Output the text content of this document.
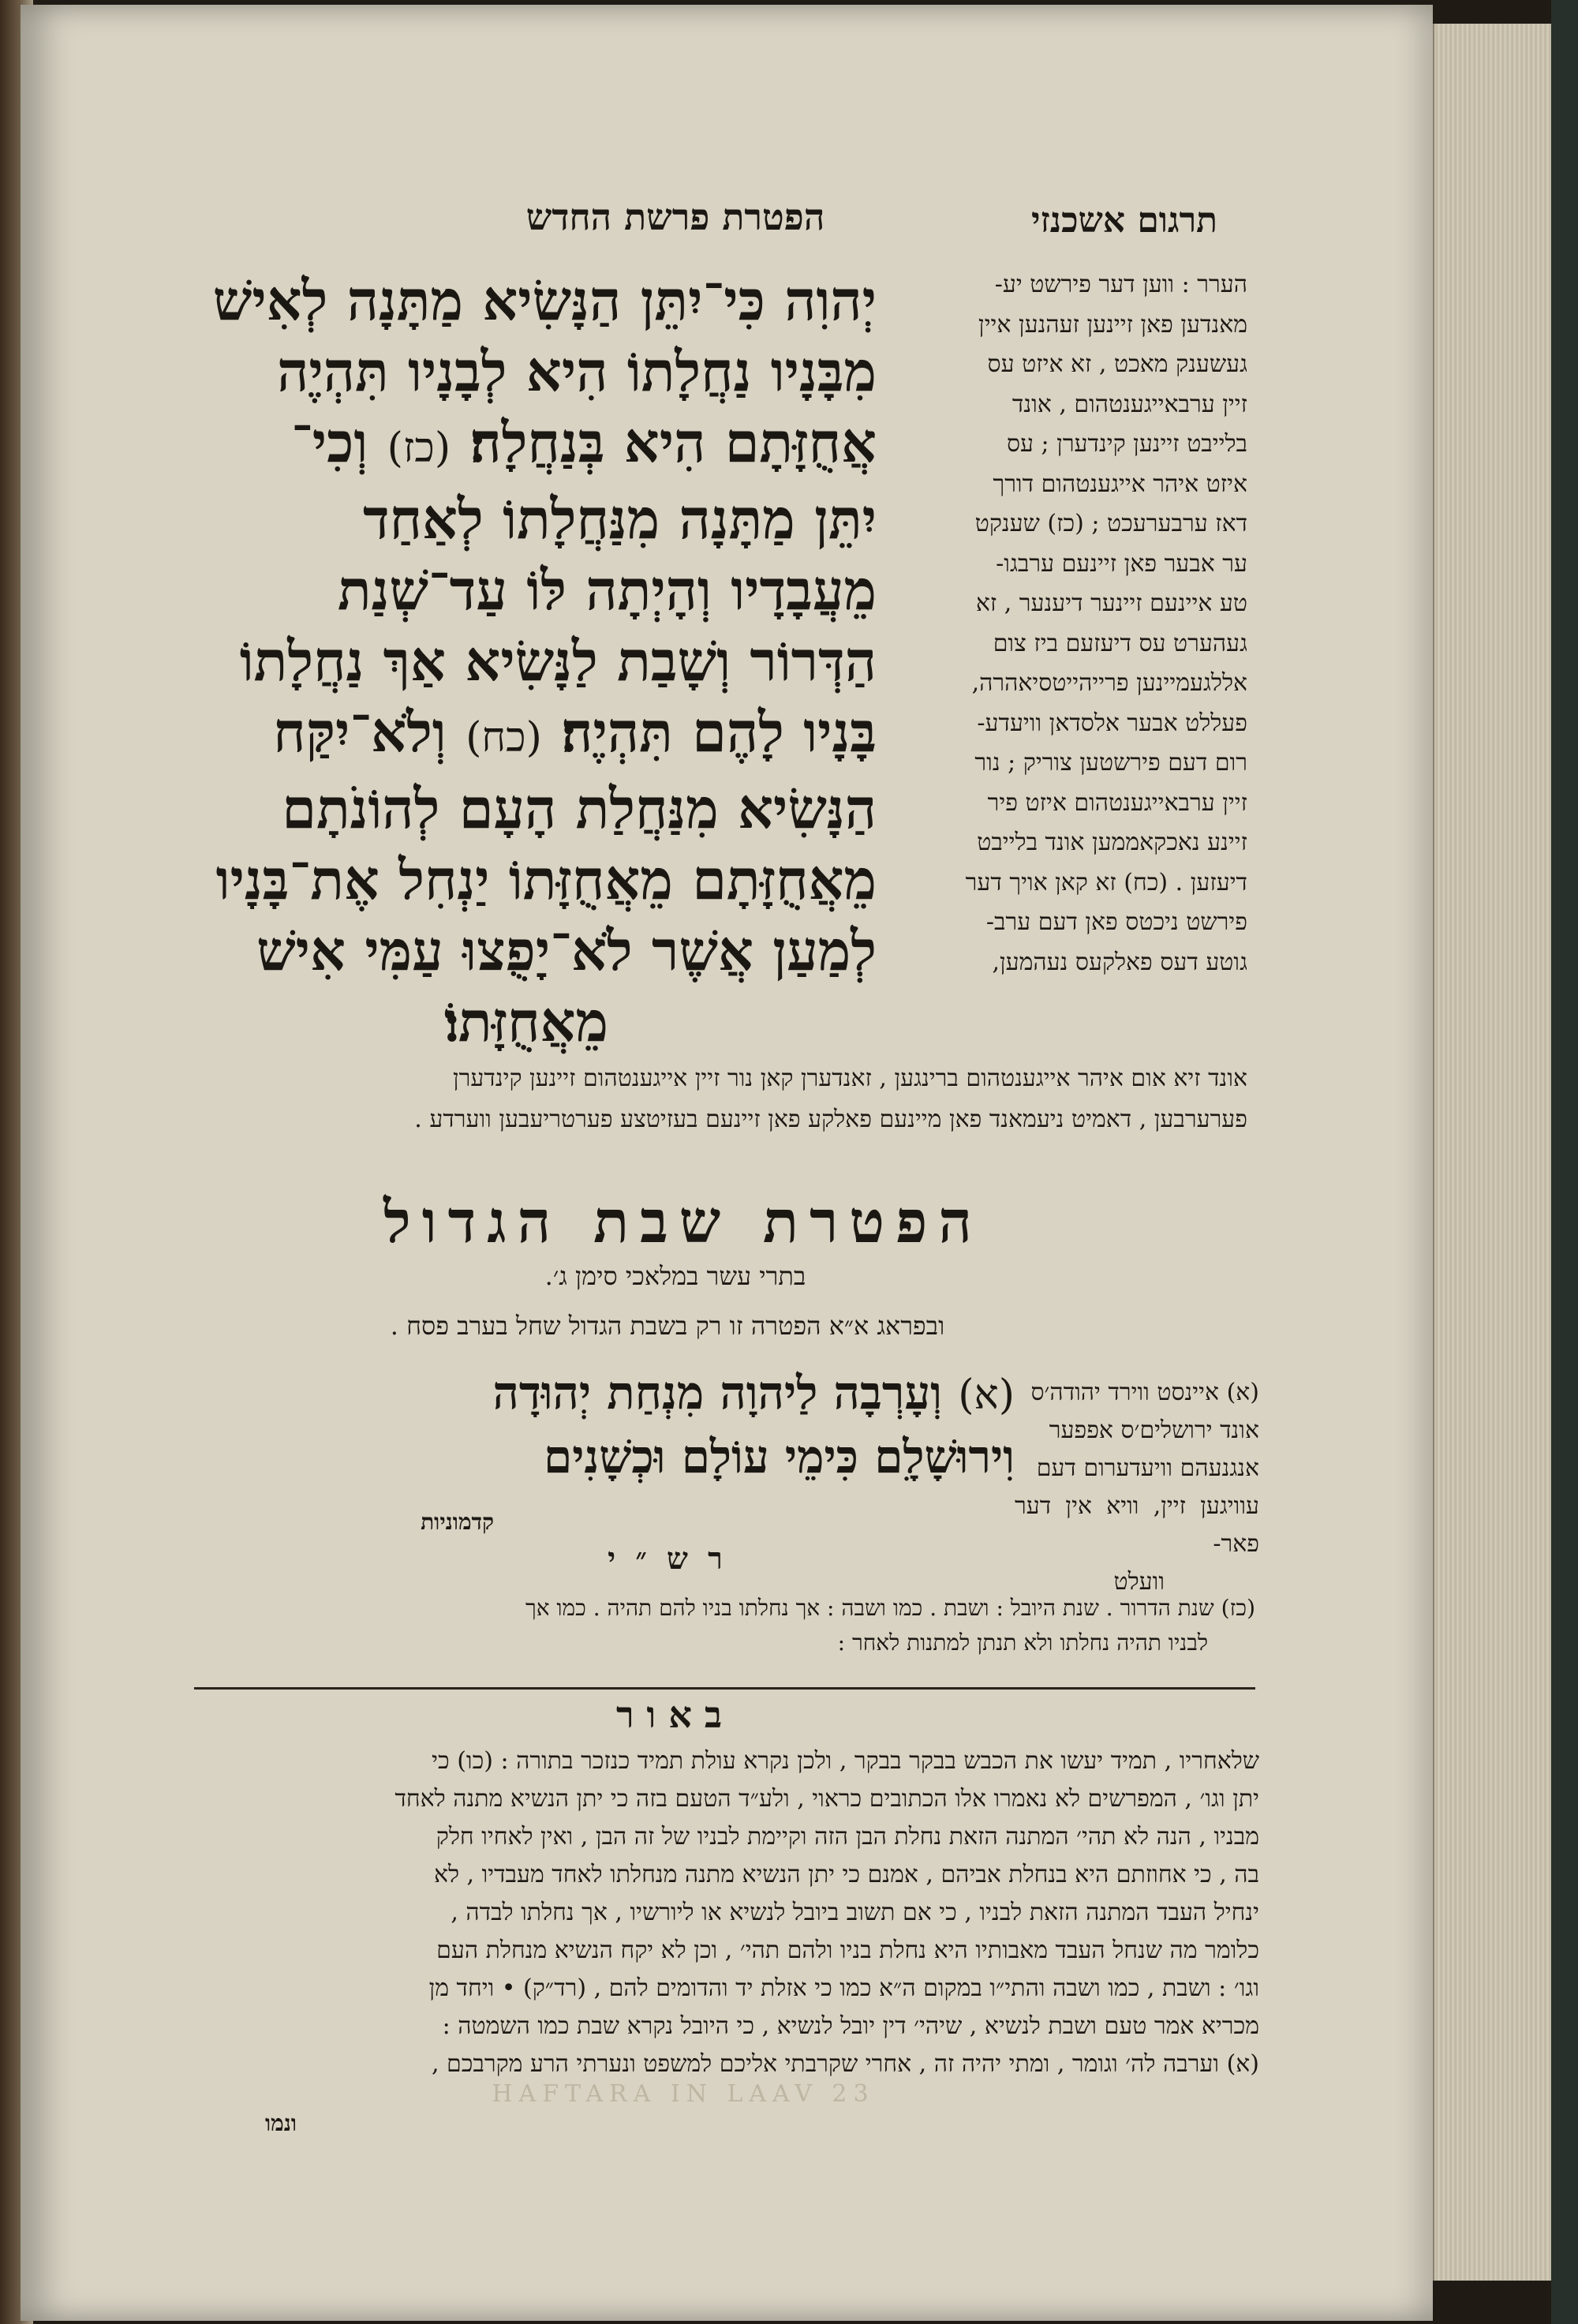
תרגום אשכנזי
הפטרת פרשת החדש

הערר : ווען דער פירשט יע-

מאנדען פאן זיינען זעהנען איין

געשענק מאכט , זא איזט עס

זיין ערבאייגענטהום , אונד

בלייבט זיינען קינדערן ; עס

איזט איהר אייגענטהום דורך

דאז ערבערעכט ; (כז) שענקט

ער אבער פאן זיינעם ערבגו-

טע איינעם זיינער דיענער , זא

געהערט עס דיעזעם ביז צום

אללגעמיינען פרייהייטסיאהרה,

פעללט אבער אלסדאן וויעדע-

רום דעם פירשטען צוריק ; נור

זיין ערבאייגענטהום איזט פיר

זיינע נאכקאממען אונד בלייבט

דיעזען . (כח) זא קאן אויך דער

פירשט ניכטס פאן דעם ערב-

גוטע דעס פאלקעס נעהמען,

יְהוִה כִּי־יִתֵּן הַנָּשִׂיא מַתָּנָה לְאִישׁ

מִבָּנָיו נַחֲלָתוֹ הִיא לְבָנָיו תִּהְיֶה

אֲחֻזָּתָם הִיא בְּנַחֲלָה׃ (כז) וְכִי־

יִתֵּן מַתָּנָה מִנַּחֲלָתוֹ לְאַחַד

מֵעֲבָדָיו וְהָיְתָה לּוֹ עַד־שְׁנַת

הַדְּרוֹר וְשָׁבַת לַנָּשִׂיא אַךְ נַחֲלָתוֹ

בָּנָיו לָהֶם תִּהְיֶה׃ (כח) וְלֹא־יִקַּח

הַנָּשִׂיא מִנַּחֲלַת הָעָם לְהוֹנֹתָם

מֵאֲחֻזָּתָם מֵאֲחֻזָּתוֹ יַנְחִל אֶת־בָּנָיו

לְמַעַן אֲשֶׁר לֹא־יָפֻצוּ עַמִּי אִישׁ

מֵאֲחֻזָּתוֹ׃

אונד זיא אום איהר אייגענטהום ברינגען , זאנדערן קאן נור זיין אייגענטהום זיינען קינדערן

פערערבען , דאמיט ניעמאנד פאן מיינעם פאלקע פאן זיינעם בעזיטצע פערטריעבען ווערדע .

הפטרת שבת הגדול
בתרי עשר במלאכי סימן ג׳.
ובפראג א״א הפטרה זו רק בשבת הגדול שחל בערב פסח .

(א) איינסט ווירד יהודה׳ס

אונד ירושלים׳ס אפפער

אנגנעהם וויעדערום דעם

עוויגען זיין, וויא אין דער פאר-

וועלט

(א) וְעָרְבָה לַיהוָה מִנְחַת יְהוּדָה

וִירוּשָׁלָ͏ִם כִּימֵי עוֹלָם וּכְשָׁנִים

קדמוניות
ר ש ״ י

(כז) שנת הדרור . שנת היובל : ושבת . כמו ושבה : אך נחלתו בניו להם תהיה . כמו אך

לבניו תהיה נחלתו ולא תנתן למתנות לאחר :

באור

שלאחריו , תמיד יעשו את הכבש בבקר בבקר , ולכן נקרא עולת תמיד כנזכר בתורה : (כו) כי

יתן וגו׳ , המפרשים לא נאמרו אלו הכתובים כראוי , ולע״ד הטעם בזה כי יתן הנשיא מתנה לאחד

מבניו , הנה לא תהי׳ המתנה הזאת נחלת הבן הזה וקיימת לבניו של זה הבן , ואין לאחיו חלק

בה , כי אחוזתם היא בנחלת אביהם , אמנם כי יתן הנשיא מתנה מנחלתו לאחד מעבדיו , לא

ינחיל העבד המתנה הזאת לבניו , כי אם תשוב ביובל לנשיא או ליורשיו , אך נחלתו לבדה ,

כלומר מה שנחל העבד מאבותיו היא נחלת בניו ולהם תהי׳ , וכן לא יקח הנשיא מנחלת העם

וגו׳ : ושבת , כמו ושבה והתי״ו במקום ה״א כמו כי אזלת יד והדומים להם , (רד״ק) • ויחד מן

מכריא אמר טעם ושבת לנשיא , שיהי׳ דין יובל לנשיא , כי היובל נקרא שבת כמו השמטה :

(א) וערבה לה׳ וגומר , ומתי יהיה זה , אחרי שקרבתי אליכם למשפט ונערתי הרע מקרבכם ,

HAFTARA IN LAAV 23
ונמו
